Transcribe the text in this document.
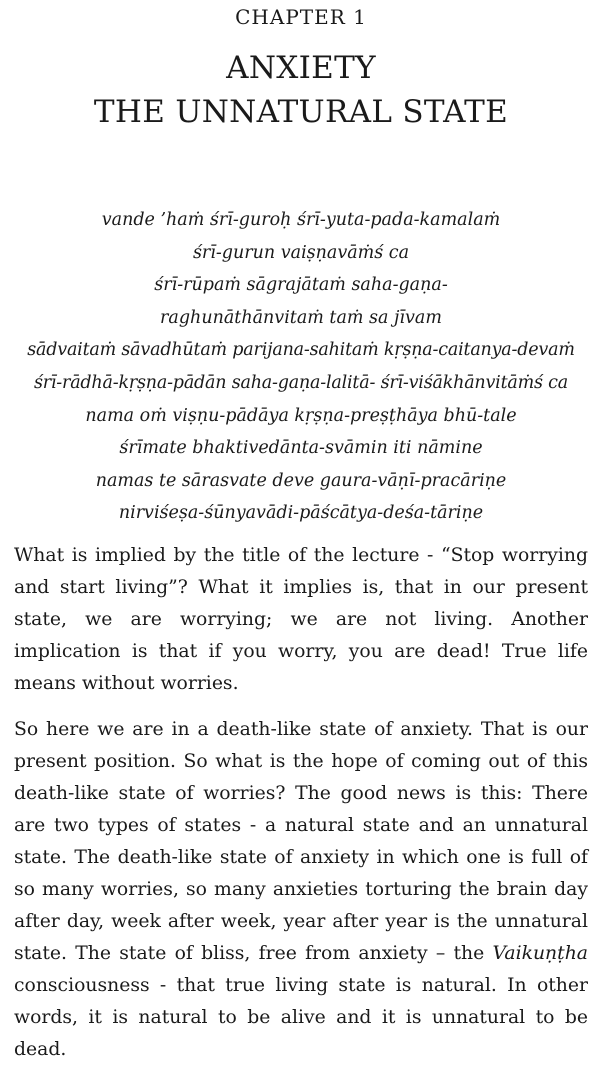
CHAPTER 1
ANXIETY
THE UNNATURAL STATE
vande ’haṁ śrī-guroḥ śrī-yuta-pada-kamalaṁ
śrī-gurun vaiṣṇavāṁś ca
śrī-rūpaṁ sāgrajātaṁ saha-gaṇa-
raghunāthānvitaṁ taṁ sa jīvam
sādvaitaṁ sāvadhūtaṁ parijana-sahitaṁ kṛṣṇa-caitanya-devaṁ
śrī-rādhā-kṛṣṇa-pādān saha-gaṇa-lalitā- śrī-viśākhānvitāṁś ca
nama oṁ viṣṇu-pādāya kṛṣṇa-preṣṭhāya bhū-tale
śrīmate bhaktivedānta-svāmin iti nāmine
namas te sārasvate deve gaura-vāṇī-pracāriṇe
nirviśeṣa-śūnyavādi-pāścātya-deśa-tāriṇe

What is implied by the title of the lecture - “Stop worrying and start living”? What it implies is, that in our present state, we are worrying; we are not living. Another implication is that if you worry, you are dead! True life means without worries.

So here we are in a death-like state of anxiety. That is our present position. So what is the hope of coming out of this death-like state of worries? The good news is this: There are two types of states - a natural state and an unnatural state. The death-like state of anxiety in which one is full of so many worries, so many anxieties torturing the brain day after day, week after week, year after year is the unnatural state. The state of bliss, free from anxiety – the Vaikuṇṭha consciousness - that true living state is natural. In other words, it is natural to be alive and it is unnatural to be dead.
